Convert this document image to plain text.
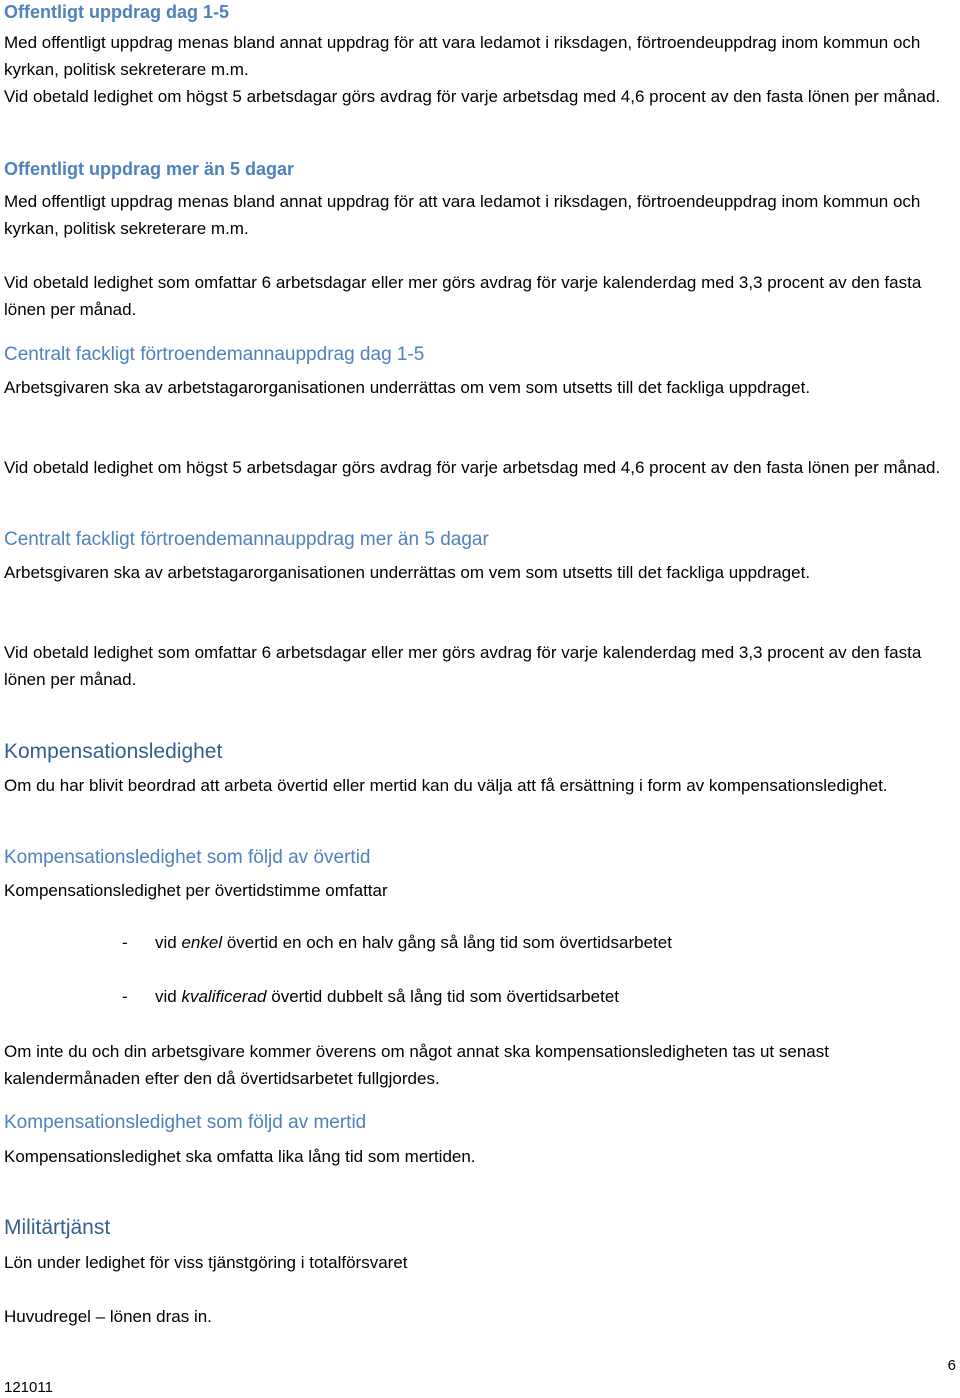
Offentligt uppdrag dag 1-5

Med offentligt uppdrag menas bland annat uppdrag för att vara ledamot i riksdagen, förtroendeuppdrag inom kommun och kyrkan, politisk sekreterare m.m.

Vid obetald ledighet om högst 5 arbetsdagar görs avdrag för varje arbetsdag med 4,6 procent av den fasta lönen per månad.

Offentligt uppdrag mer än 5 dagar

Med offentligt uppdrag menas bland annat uppdrag för att vara ledamot i riksdagen, förtroendeuppdrag inom kommun och kyrkan, politisk sekreterare m.m.

Vid obetald ledighet som omfattar 6 arbetsdagar eller mer görs avdrag för varje kalenderdag med 3,3 procent av den fasta lönen per månad.

Centralt fackligt förtroendemannauppdrag dag 1-5

Arbetsgivaren ska av arbetstagarorganisationen underrättas om vem som utsetts till det fackliga uppdraget.

Vid obetald ledighet om högst 5 arbetsdagar görs avdrag för varje arbetsdag med 4,6 procent av den fasta lönen per månad.

Centralt fackligt förtroendemannauppdrag mer än 5 dagar

Arbetsgivaren ska av arbetstagarorganisationen underrättas om vem som utsetts till det fackliga uppdraget.

Vid obetald ledighet som omfattar 6 arbetsdagar eller mer görs avdrag för varje kalenderdag med 3,3 procent av den fasta lönen per månad.

Kompensationsledighet

Om du har blivit beordrad att arbeta övertid eller mertid kan du välja att få ersättning i form av kompensationsledighet.

Kompensationsledighet som följd av övertid

Kompensationsledighet per övertidstimme omfattar

- vid enkel övertid en och en halv gång så lång tid som övertidsarbetet
- vid kvalificerad övertid dubbelt så lång tid som övertidsarbetet

Om inte du och din arbetsgivare kommer överens om något annat ska kompensationsledigheten tas ut senast kalendermånaden efter den då övertidsarbetet fullgjordes.

Kompensationsledighet som följd av mertid

Kompensationsledighet ska omfatta lika lång tid som mertiden.

Militärtjänst

Lön under ledighet för viss tjänstgöring i totalförsvaret

Huvudregel – lönen dras in.

121011
6
